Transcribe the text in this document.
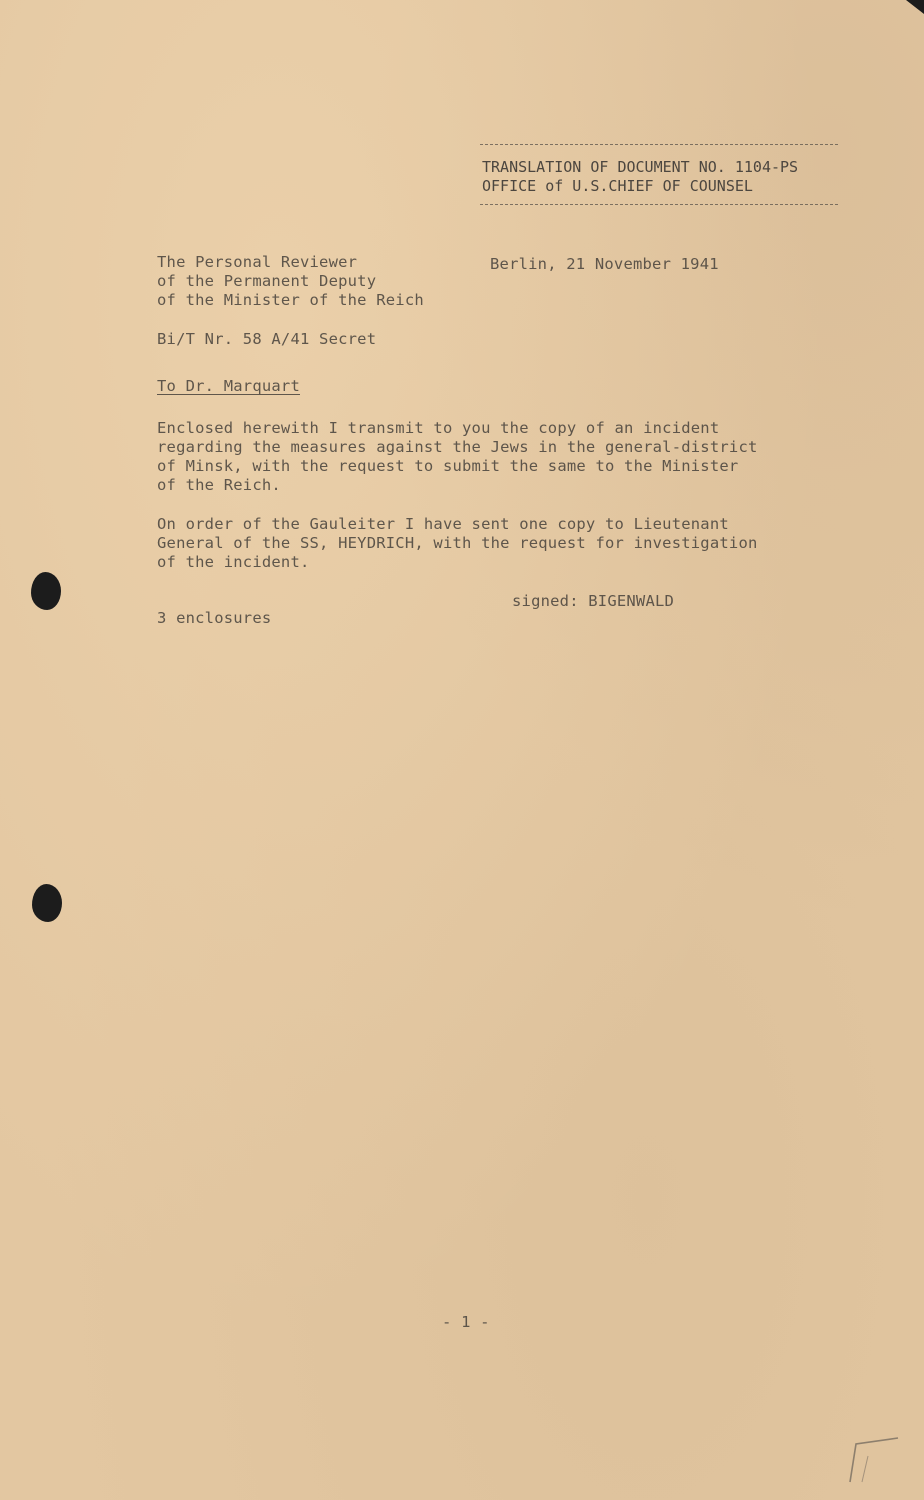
TRANSLATION OF DOCUMENT NO. 1104-PS
OFFICE of U.S.CHIEF OF COUNSEL
The Personal Reviewer
of the Permanent Deputy
of the Minister of the Reich
Berlin, 21 November 1941
Bi/T Nr. 58 A/41 Secret
To Dr. Marquart
Enclosed herewith I transmit to you the copy of an incident
regarding the measures against the Jews in the general-district
of Minsk, with the request to submit the same to the Minister
of the Reich.
On order of the Gauleiter I have sent one copy to Lieutenant
General of the SS, HEYDRICH, with the request for investigation
of the incident.
signed: BIGENWALD
3 enclosures
- 1 -
